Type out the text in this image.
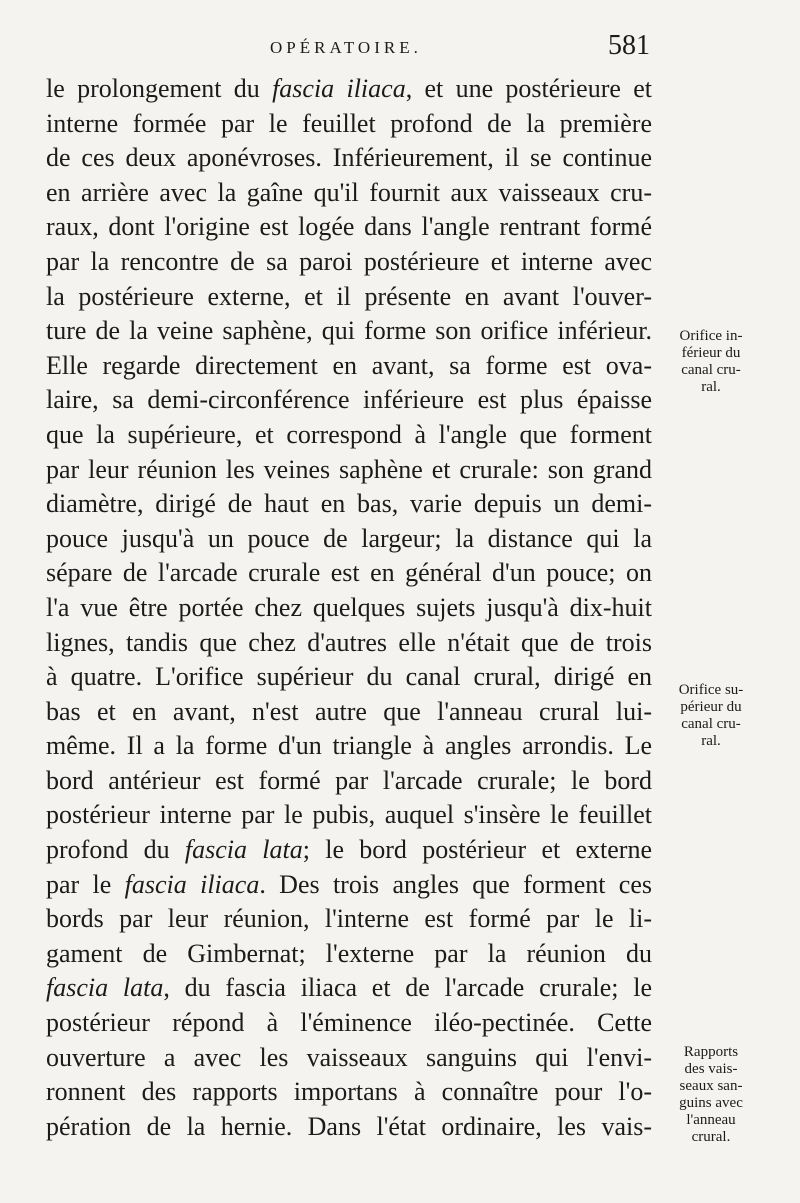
OPÉRATOIRE.	581
le prolongement du fascia iliaca, et une postérieure et
interne formée par le feuillet profond de la première
de ces deux aponévroses. Inférieurement, il se continue
en arrière avec la gaîne qu'il fournit aux vaisseaux cru-
raux, dont l'origine est logée dans l'angle rentrant formé
par la rencontre de sa paroi postérieure et interne avec
la postérieure externe, et il présente en avant l'ouver-
ture de la veine saphène, qui forme son orifice inférieur.
Elle regarde directement en avant, sa forme est ova-
laire, sa demi-circonférence inférieure est plus épaisse
que la supérieure, et correspond à l'angle que forment
par leur réunion les veines saphène et crurale: son grand
diamètre, dirigé de haut en bas, varie depuis un demi-
pouce jusqu'à un pouce de largeur; la distance qui la
sépare de l'arcade crurale est en général d'un pouce; on
l'a vue être portée chez quelques sujets jusqu'à dix-huit
lignes, tandis que chez d'autres elle n'était que de trois
à quatre. L'orifice supérieur du canal crural, dirigé en
bas et en avant, n'est autre que l'anneau crural lui-
même. Il a la forme d'un triangle à angles arrondis. Le
bord antérieur est formé par l'arcade crurale; le bord
postérieur interne par le pubis, auquel s'insère le feuillet
profond du fascia lata; le bord postérieur et externe
par le fascia iliaca. Des trois angles que forment ces
bords par leur réunion, l'interne est formé par le li-
gament de Gimbernat; l'externe par la réunion du
fascia lata, du fascia iliaca et de l'arcade crurale; le
postérieur répond à l'éminence iléo-pectinée. Cette
ouverture a avec les vaisseaux sanguins qui l'envi-
ronnent des rapports importans à connaître pour l'o-
pération de la hernie. Dans l'état ordinaire, les vais-
Orifice in-
férieur du
canal cru-
ral.
Orifice su-
périeur du
canal cru-
ral.
Rapports
des vais-
seaux san-
guins avec
l'anneau
crural.
